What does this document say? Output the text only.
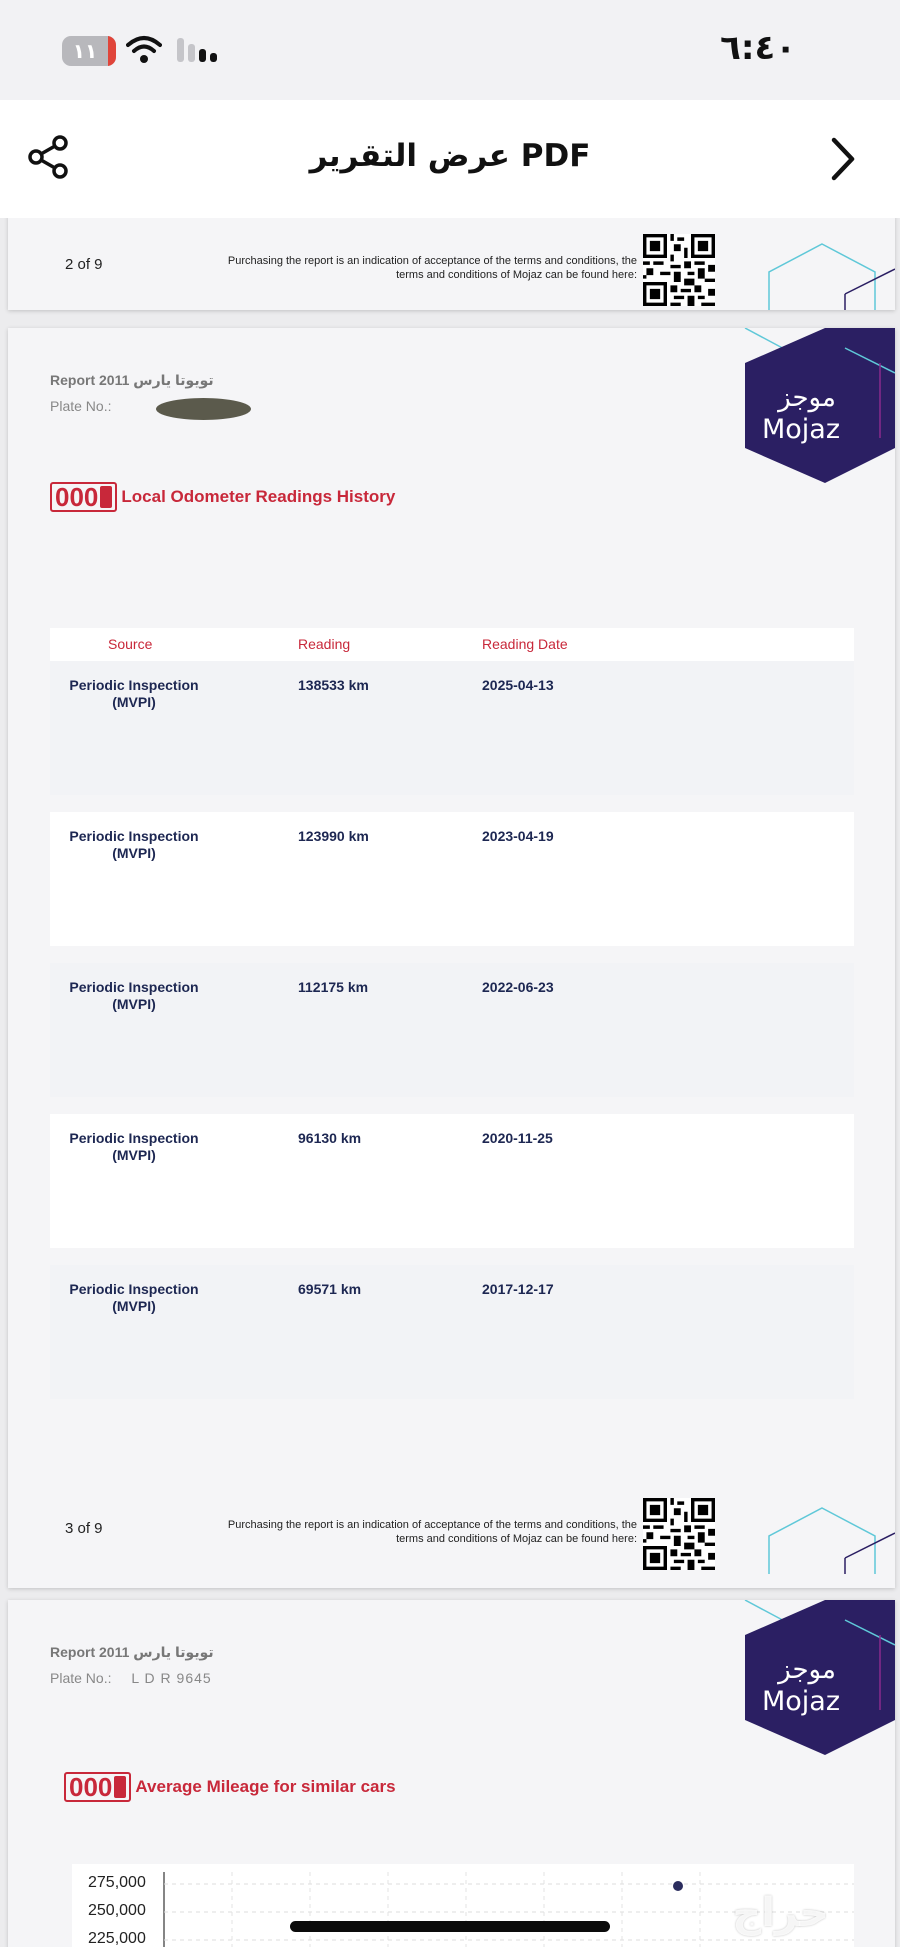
١١	٦:٤٠
عرض التقرير PDF
2 of 9	Purchasing the report is an indication of acceptance of the terms and conditions, the
terms and conditions of Mojaz can be found here:
موجز
Mojaz
Report 2011 تويوتا يارس
Plate No.:
000 Local Odometer Readings History
Source	Reading	Reading Date
Periodic Inspection
(MVPI)
138533 km	2025-04-13
Periodic Inspection
(MVPI)
123990 km	2023-04-19
Periodic Inspection
(MVPI)
112175 km	2022-06-23
Periodic Inspection
(MVPI)
96130 km	2020-11-25
Periodic Inspection
(MVPI)
69571 km	2017-12-17
3 of 9	Purchasing the report is an indication of acceptance of the terms and conditions, the
terms and conditions of Mojaz can be found here:
موجز
Mojaz
Report 2011 تويوتا يارس
Plate No.: L D R 9645
000 Average Mileage for similar cars
275,000
250,000
225,000
حراج
